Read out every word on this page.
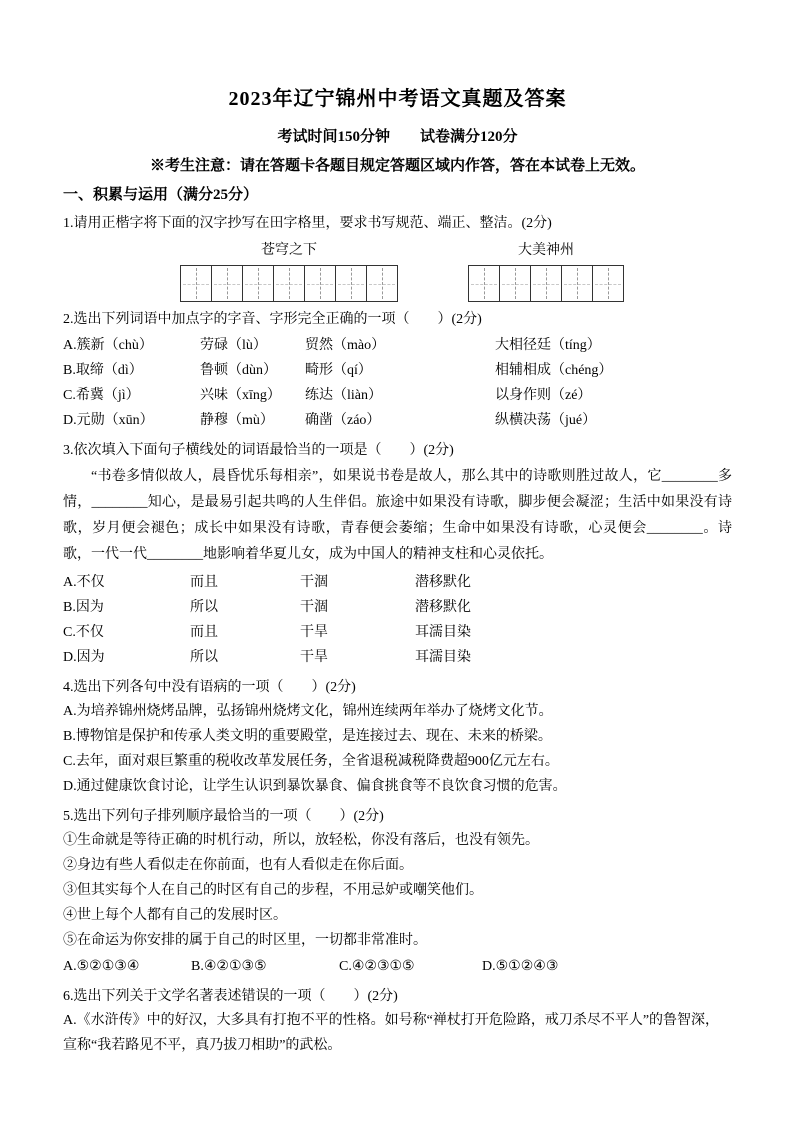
2023年辽宁锦州中考语文真题及答案
考试时间150分钟　　试卷满分120分
※考生注意：请在答题卡各题目规定答题区域内作答，答在本试卷上无效。
一、积累与运用（满分25分）
1.请用正楷字将下面的汉字抄写在田字格里，要求书写规范、端正、整洁。(2分)
苍穹之下	大美神州
2.选出下列词语中加点字的字音、字形完全正确的一项（　　）(2分)
A.簇新（chù）	劳碌（lù）	贸然（mào）	大相径廷（tíng）
B.取缔（dì）	鲁顿（dùn）	畸形（qí）	相辅相成（chéng）
C.希冀（jì）	兴味（xīng）	练达（liàn）	以身作则（zé）
D.元勋（xūn）	静穆（mù）	确凿（záo）	纵横决荡（jué）
3.依次填入下面句子横线处的词语最恰当的一项是（　　）(2分)
“书卷多情似故人，晨昏忧乐每相亲”，如果说书卷是故人，那么其中的诗歌则胜过故人，它________多情，________知心，是最易引起共鸣的人生伴侣。旅途中如果没有诗歌，脚步便会凝涩；生活中如果没有诗歌，岁月便会褪色；成长中如果没有诗歌，青春便会萎缩；生命中如果没有诗歌，心灵便会________。诗歌，一代一代________地影响着华夏儿女，成为中国人的精神支柱和心灵依托。
A.不仅	而且	干涸	潜移默化
B.因为	所以	干涸	潜移默化
C.不仅	而且	干旱	耳濡目染
D.因为	所以	干旱	耳濡目染
4.选出下列各句中没有语病的一项（　　）(2分)
A.为培养锦州烧烤品牌，弘扬锦州烧烤文化，锦州连续两年举办了烧烤文化节。
B.博物馆是保护和传承人类文明的重要殿堂，是连接过去、现在、未来的桥梁。
C.去年，面对艰巨繁重的税收改革发展任务，全省退税减税降费超900亿元左右。
D.通过健康饮食讨论，让学生认识到暴饮暴食、偏食挑食等不良饮食习惯的危害。
5.选出下列句子排列顺序最恰当的一项（　　）(2分)
①生命就是等待正确的时机行动，所以，放轻松，你没有落后，也没有领先。
②身边有些人看似走在你前面，也有人看似走在你后面。
③但其实每个人在自己的时区有自己的步程，不用忌妒或嘲笑他们。
④世上每个人都有自己的发展时区。
⑤在命运为你安排的属于自己的时区里，一切都非常准时。
A.⑤②①③④	B.④②①③⑤	C.④②③①⑤	D.⑤①②④③
6.选出下列关于文学名著表述错误的一项（　　）(2分)
A.《水浒传》中的好汉，大多具有打抱不平的性格。如号称“禅杖打开危险路，戒刀杀尽不平人”的鲁智深，宣称“我若路见不平，真乃拔刀相助”的武松。
